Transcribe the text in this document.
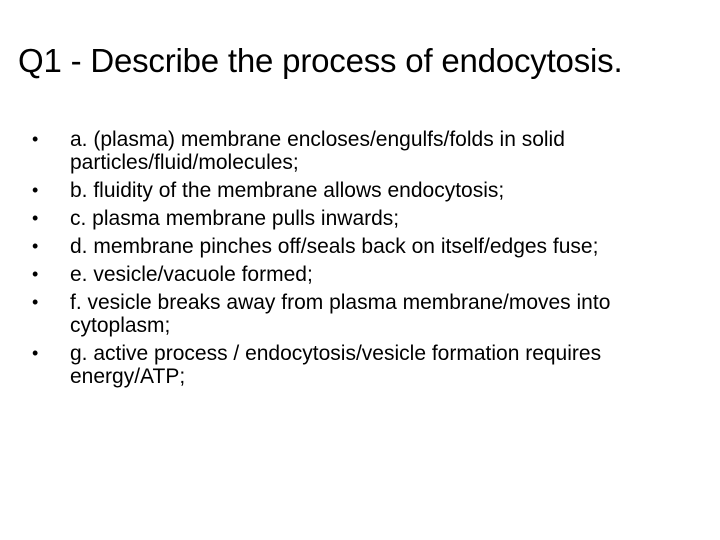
Q1 - Describe the process of endocytosis.
• a. (plasma) membrane encloses/engulfs/folds in solid particles/fluid/molecules;
• b. fluidity of the membrane allows endocytosis;
• c. plasma membrane pulls inwards;
• d. membrane pinches off/seals back on itself/edges fuse;
• e. vesicle/vacuole formed;
• f. vesicle breaks away from plasma membrane/moves into cytoplasm;
• g. active process / endocytosis/vesicle formation requires energy/ATP;
